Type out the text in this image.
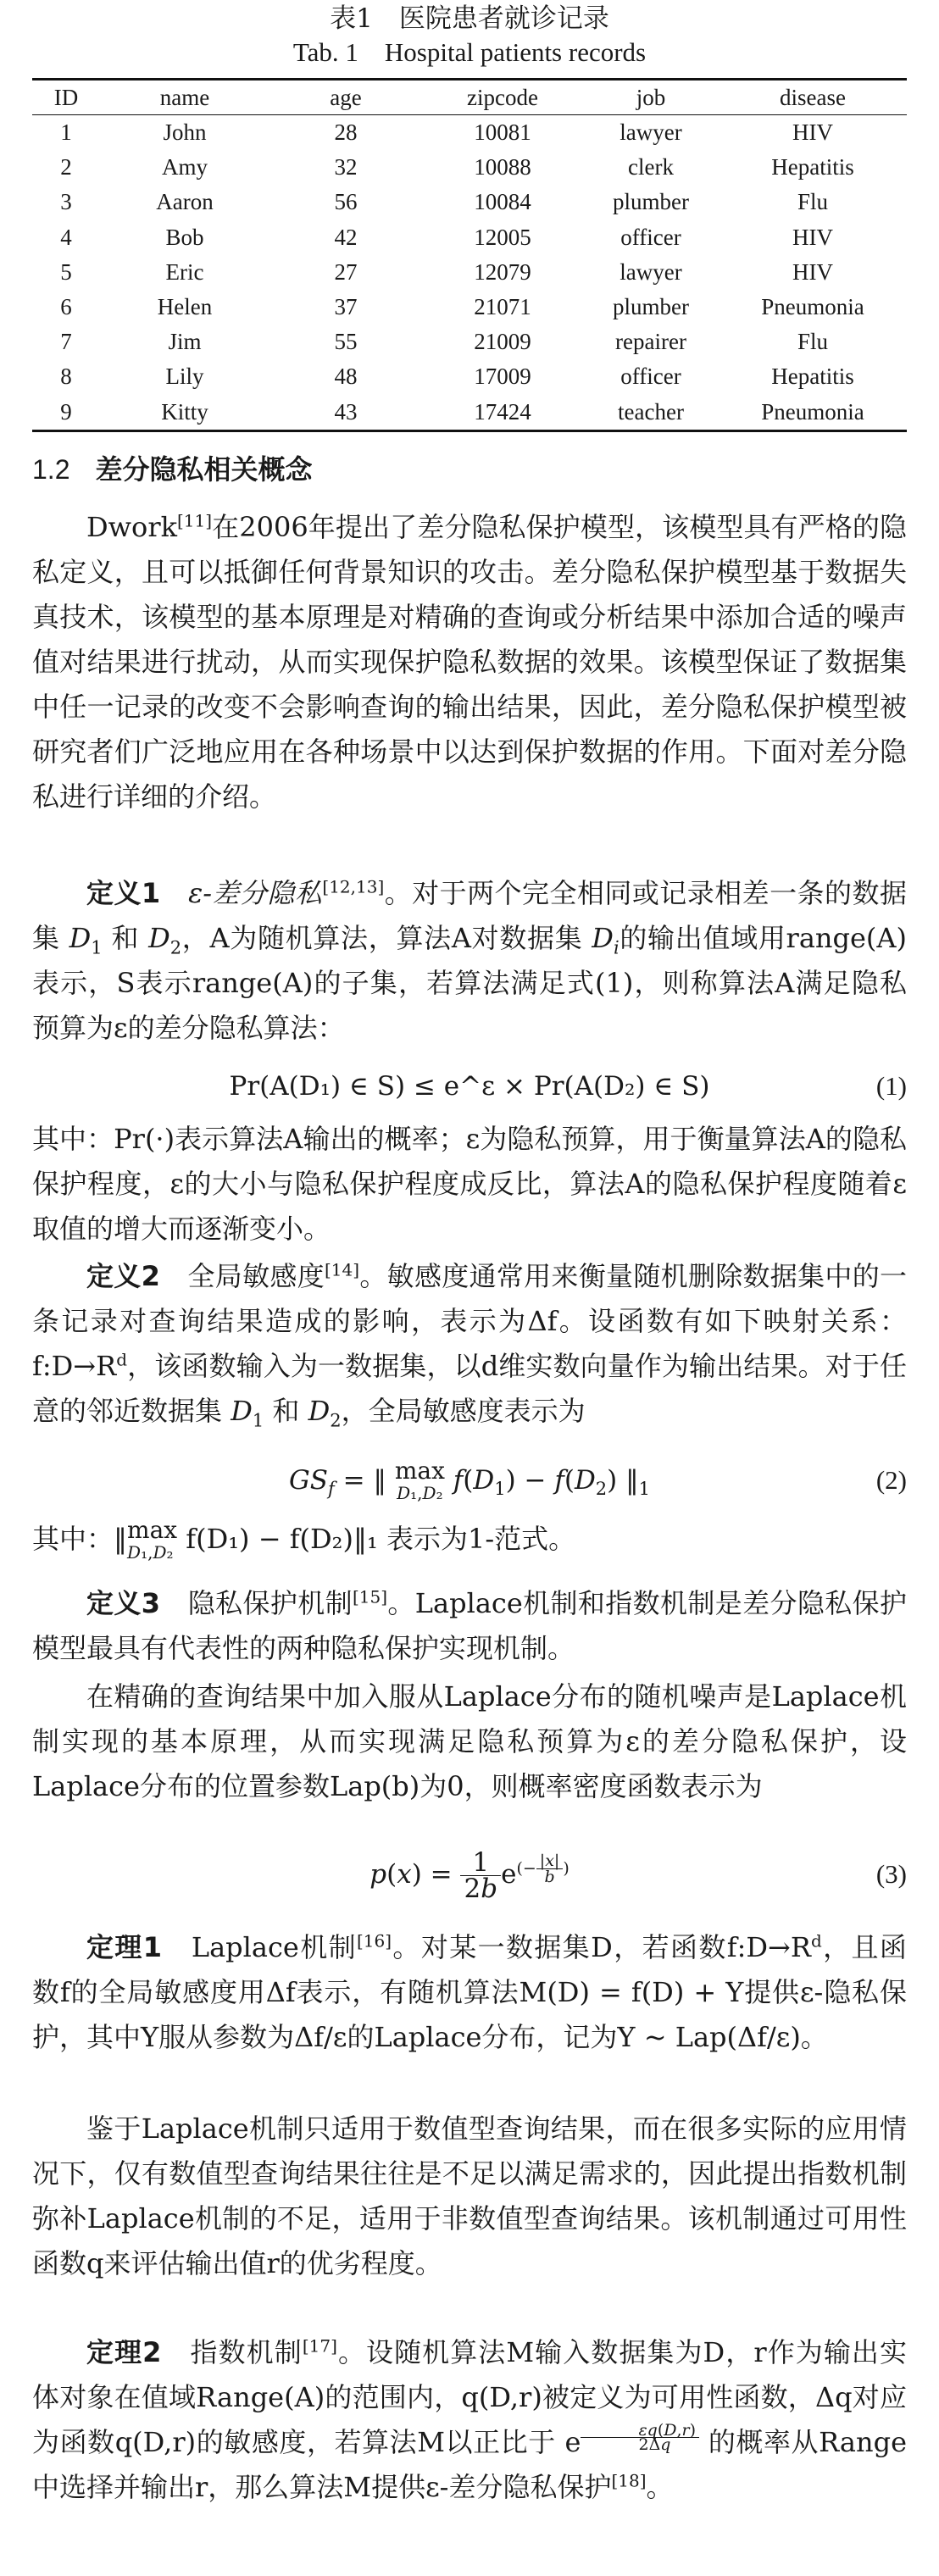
表1　医院患者就诊记录
Tab. 1　Hospital patients records
ID	name	age	zipcode	job	disease
1	John	28	10081	lawyer	HIV
2	Amy	32	10088	clerk	Hepatitis
3	Aaron	56	10084	plumber	Flu
4	Bob	42	12005	officer	HIV
5	Eric	27	12079	lawyer	HIV
6	Helen	37	21071	plumber	Pneumonia
7	Jim	55	21009	repairer	Flu
8	Lily	48	17009	officer	Hepatitis
9	Kitty	43	17424	teacher	Pneumonia
1.2 差分隐私相关概念
Dwork[11]在2006年提出了差分隐私保护模型，该模型具有严格的隐私定义，且可以抵御任何背景知识的攻击。差分隐私保护模型基于数据失真技术，该模型的基本原理是对精确的查询或分析结果中添加合适的噪声值对结果进行扰动，从而实现保护隐私数据的效果。该模型保证了数据集中任一记录的改变不会影响查询的输出结果，因此，差分隐私保护模型被研究者们广泛地应用在各种场景中以达到保护数据的作用。下面对差分隐私进行详细的介绍。
定义1　 ε-差分隐私[12,13]。对于两个完全相同或记录相差一条的数据集 $D_1$ 和 $D_2$，A为随机算法，算法A对数据集 $D_i$的输出值域用range(A)表示，S表示range(A)的子集，若算法满足式(1)，则称算法A满足隐私预算为ε的差分隐私算法：
Pr(A(D₁) ∈ S) ≤ e^ε × Pr(A(D₂) ∈ S)	(1)
其中：Pr(·)表示算法A输出的概率；ε为隐私预算，用于衡量算法A的隐私保护程度，ε的大小与隐私保护程度成反比，算法A的隐私保护程度随着ε取值的增大而逐渐变小。
定义2　 全局敏感度[14]。敏感度通常用来衡量随机删除数据集中的一条记录对查询结果造成的影响，表示为Δf。设函数有如下映射关系：$f:D\to R^d$，该函数输入为一数据集，以d维实数向量作为输出结果。对于任意的邻近数据集 $D_1$ 和 $D_2$，全局敏感度表示为
$GS_f$ = ‖ max
D₁,D₂ $f(D_1) - f(D_2)$ $‖_1$	(2)
其中：‖ max
D₁,D₂ f(D₁) − f(D₂)‖₁ 表示为1-范式。
定义3　 隐私保护机制[15]。Laplace机制和指数机制是差分隐私保护模型最具有代表性的两种隐私保护实现机制。
在精确的查询结果中加入服从Laplace分布的随机噪声是Laplace机制实现的基本原理，从而实现满足隐私预算为ε的差分隐私保护，设Laplace分布的位置参数Lap(b)为0，则概率密度函数表示为
$p(x) = \frac{1}{2b} e^{(- \frac{|x|}{b} )}$	(3)
定理1　 Laplace机制[16]。对某一数据集D，若函数$f:D\to R^d$，且函数f的全局敏感度用Δf表示，有随机算法M(D) = f(D) + Y提供ε-隐私保护，其中Y服从参数为Δf/ε的Laplace分布，记为Y ~ Lap(Δf/ε)。
鉴于Laplace机制只适用于数值型查询结果，而在很多实际的应用情况下，仅有数值型查询结果往往是不足以满足需求的，因此提出指数机制弥补Laplace机制的不足，适用于非数值型查询结果。该机制通过可用性函数q来评估输出值r的优劣程度。
定理2　 指数机制[17]。设随机算法M输入数据集为D，r作为输出实体对象在值域Range(A)的范围内，q(D,r)被定义为可用性函数，Δq对应为函数q(D,r)的敏感度，若算法M以正比于 e $^{\frac{\varepsilon q(D,r)}{2\Delta q}}$ 的概率从Range中选择并输出r，那么算法M提供ε-差分隐私保护[18]。
